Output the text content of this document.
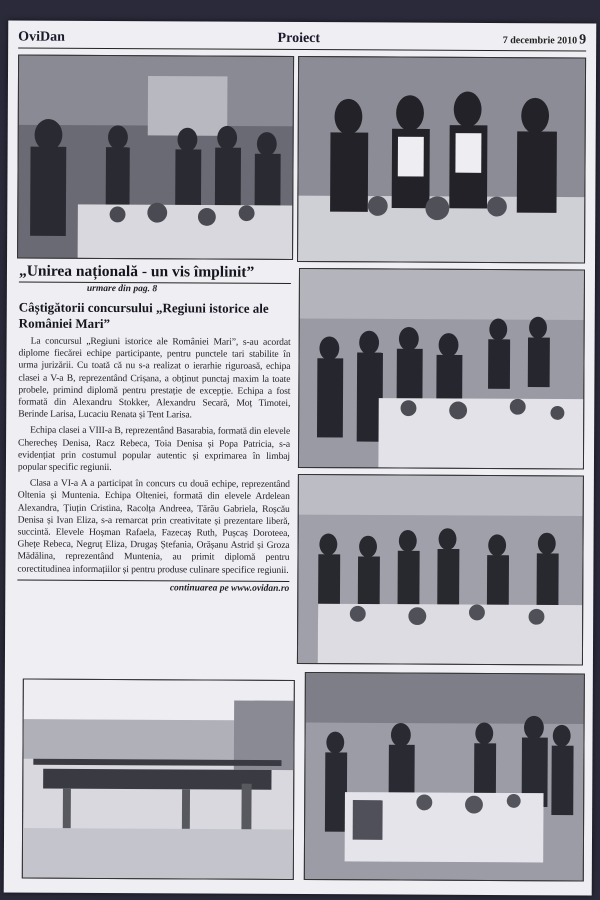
OviDan	Proiect	7 decembrie 2010 9
„Unirea națională - un vis împlinit”
urmare din pag. 8
Câștigătorii concursului „Regiuni istorice ale României Mari”

La concursul „Regiuni istorice ale României Mari”, s-au acordat diplome fiecărei echipe participante, pentru punctele tari stabilite în urma jurizării. Cu toată că nu s-a realizat o ierarhie riguroasă, echipa clasei a V-a B, reprezentând Crișana, a obținut punctaj maxim la toate probele, primind diplomă pentru prestație de excepție. Echipa a fost formată din Alexandru Stokker, Alexandru Secară, Moț Timotei, Berinde Larisa, Lucaciu Renata și Tent Larisa.

Echipa clasei a VIII-a B, reprezentând Basarabia, formată din elevele Cherecheș Denisa, Racz Rebeca, Toia Denisa și Popa Patricia, s-a evidențiat prin costumul popular autentic și exprimarea în limbaj popular specific regiunii.

Clasa a VI-a A a participat în concurs cu două echipe, reprezentând Oltenia și Muntenia. Echipa Olteniei, formată din elevele Ardelean Alexandra, Țiuțin Cristina, Racolța Andreea, Tărău Gabriela, Roșcău Denisa și Ivan Eliza, s-a remarcat prin creativitate și prezentare liberă, succintă. Elevele Hoșman Rafaela, Fazecaș Ruth, Pușcaș Doroteea, Ghețe Rebeca, Negruț Eliza, Drugaș Ștefania, Orășanu Astrid și Groza Mădălina, reprezentând Muntenia, au primit diplomă pentru corectitudinea informațiilor și pentru produse culinare specifice regiunii.

continuarea pe www.ovidan.ro
